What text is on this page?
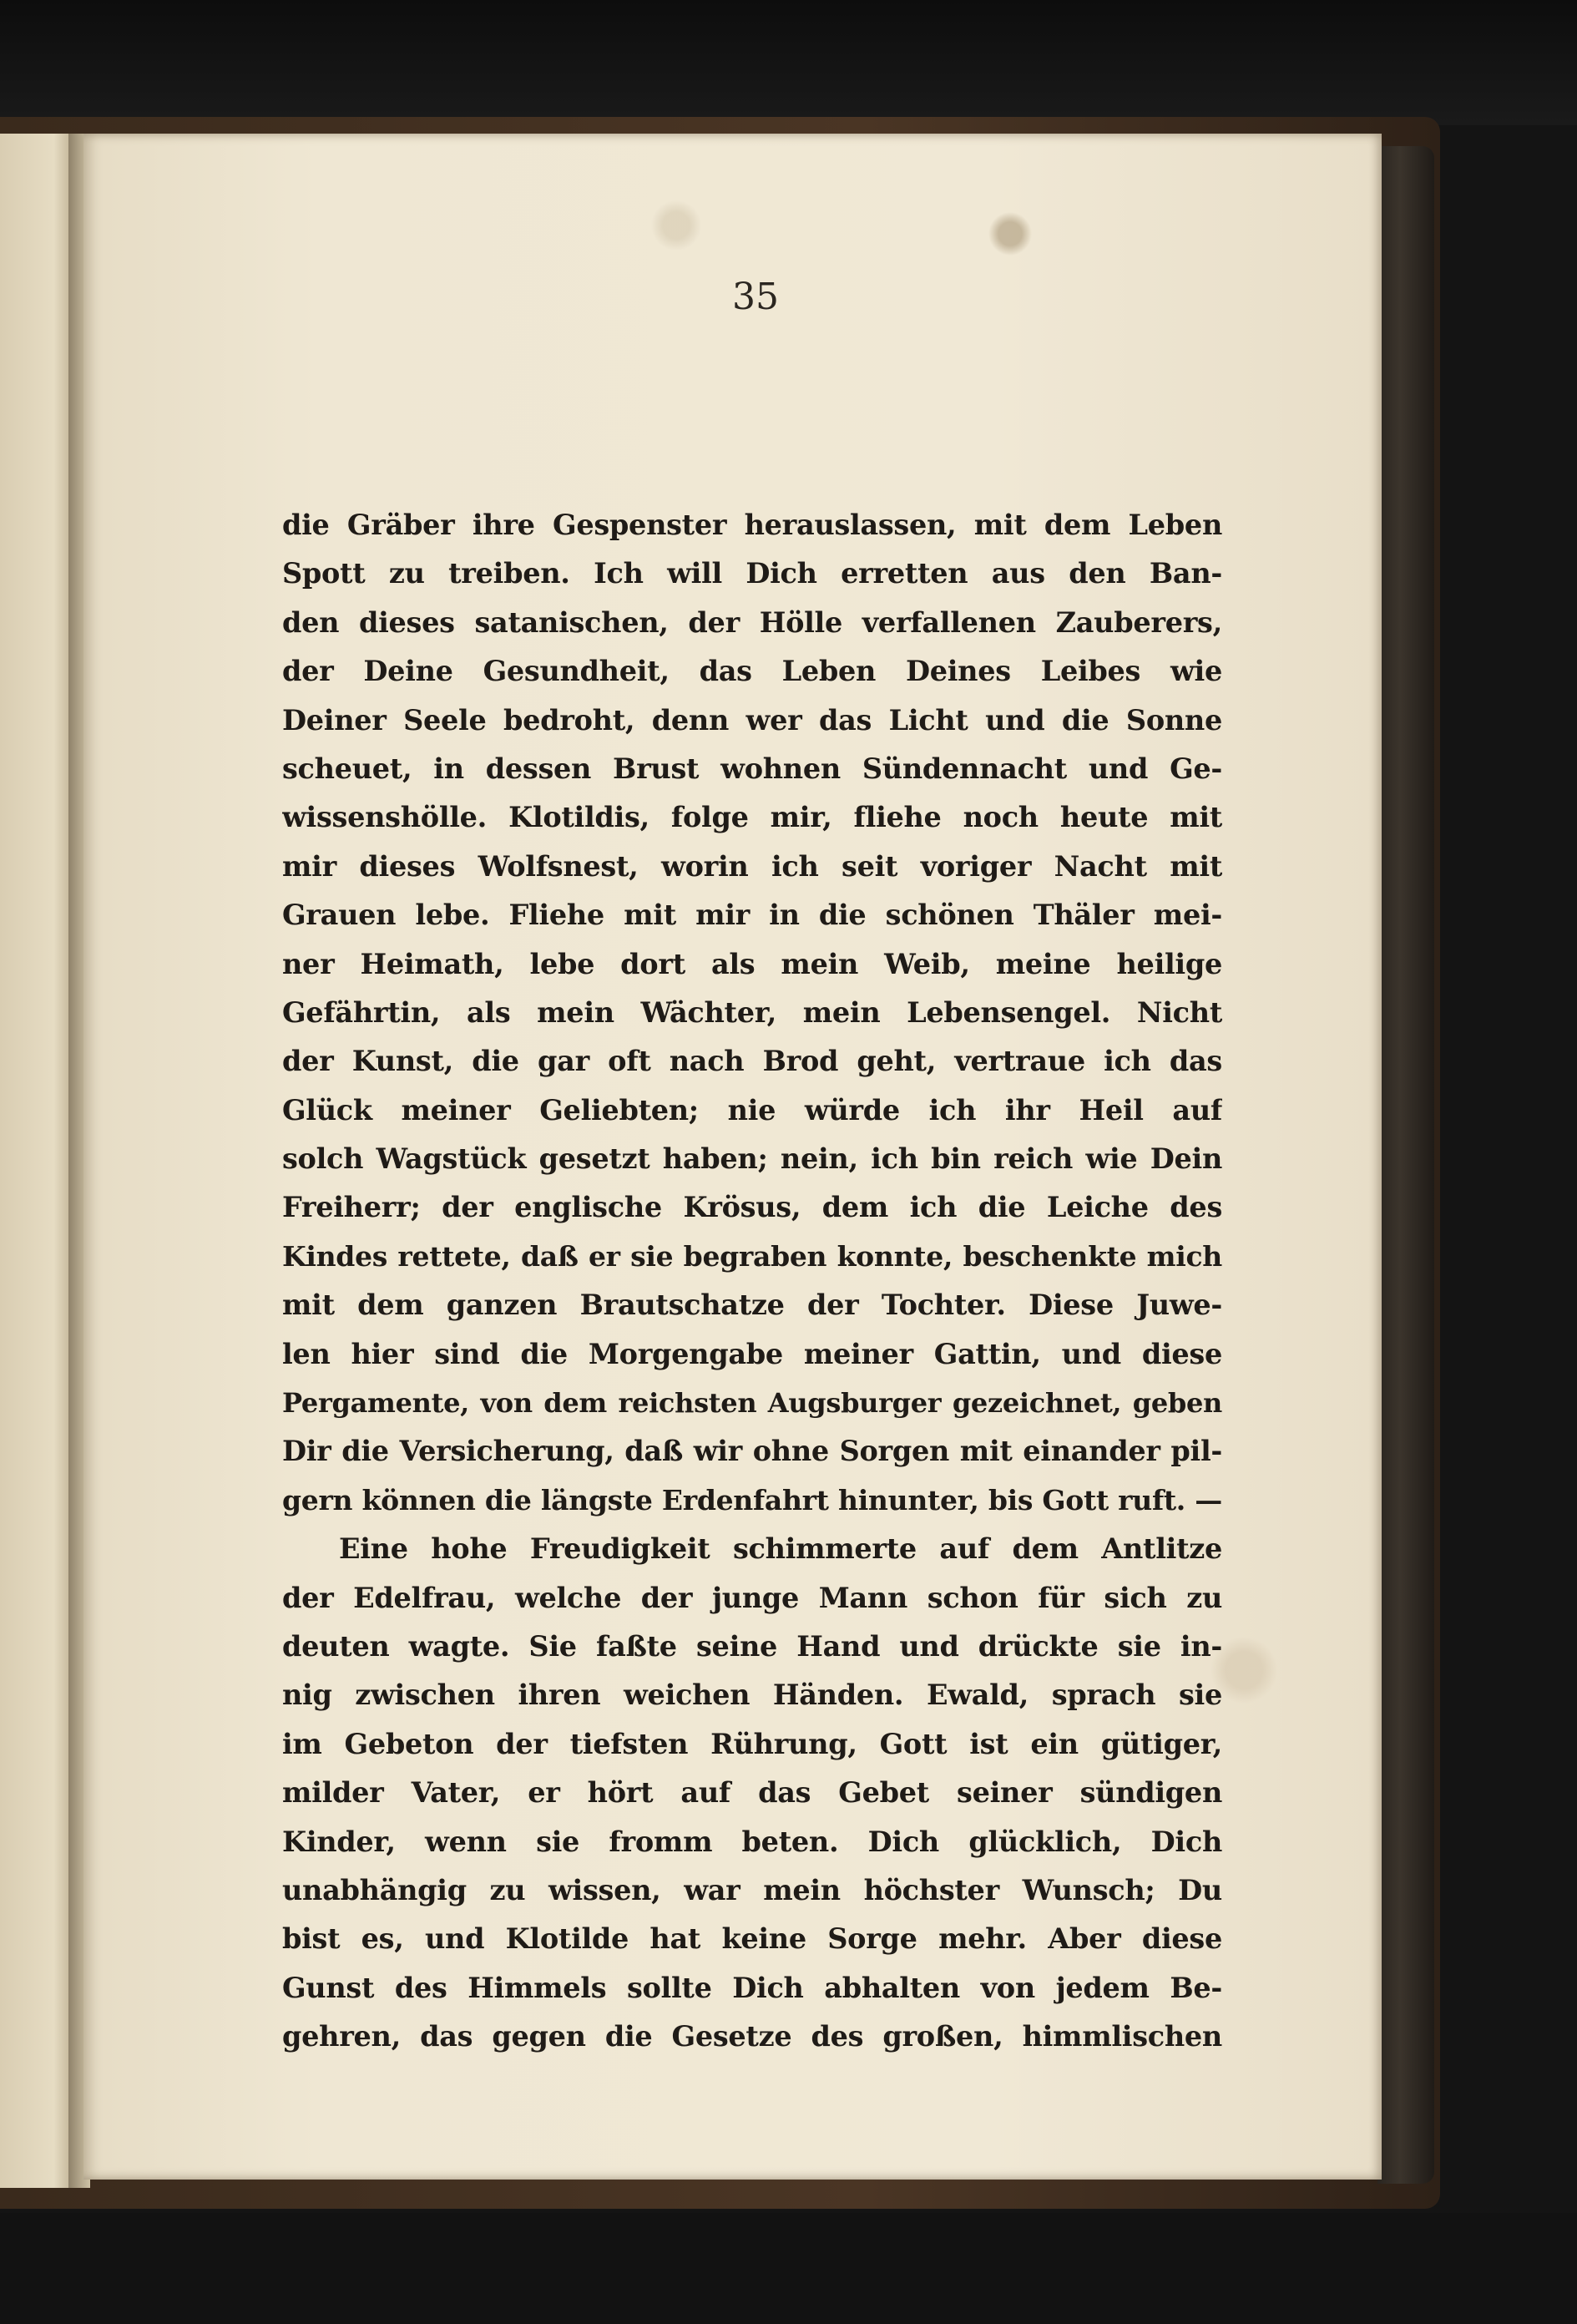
35
die Gräber ihre Gespenster herauslassen, mit dem Leben
Spott zu treiben. Ich will Dich erretten aus den Ban-
den dieses satanischen, der Hölle verfallenen Zauberers,
der Deine Gesundheit, das Leben Deines Leibes wie
Deiner Seele bedroht, denn wer das Licht und die Sonne
scheuet, in dessen Brust wohnen Sündennacht und Ge-
wissenshölle. Klotildis, folge mir, fliehe noch heute mit
mir dieses Wolfsnest, worin ich seit voriger Nacht mit
Grauen lebe. Fliehe mit mir in die schönen Thäler mei-
ner Heimath, lebe dort als mein Weib, meine heilige
Gefährtin, als mein Wächter, mein Lebensengel. Nicht
der Kunst, die gar oft nach Brod geht, vertraue ich das
Glück meiner Geliebten; nie würde ich ihr Heil auf
solch Wagstück gesetzt haben; nein, ich bin reich wie Dein
Freiherr; der englische Krösus, dem ich die Leiche des
Kindes rettete, daß er sie begraben konnte, beschenkte mich
mit dem ganzen Brautschatze der Tochter. Diese Juwe-
len hier sind die Morgengabe meiner Gattin, und diese
Pergamente, von dem reichsten Augsburger gezeichnet, geben
Dir die Versicherung, daß wir ohne Sorgen mit einander pil-
gern können die längste Erdenfahrt hinunter, bis Gott ruft. —
Eine hohe Freudigkeit schimmerte auf dem Antlitze
der Edelfrau, welche der junge Mann schon für sich zu
deuten wagte. Sie faßte seine Hand und drückte sie in-
nig zwischen ihren weichen Händen. Ewald, sprach sie
im Gebeton der tiefsten Rührung, Gott ist ein gütiger,
milder Vater, er hört auf das Gebet seiner sündigen
Kinder, wenn sie fromm beten. Dich glücklich, Dich
unabhängig zu wissen, war mein höchster Wunsch; Du
bist es, und Klotilde hat keine Sorge mehr. Aber diese
Gunst des Himmels sollte Dich abhalten von jedem Be-
gehren, das gegen die Gesetze des großen, himmlischen
